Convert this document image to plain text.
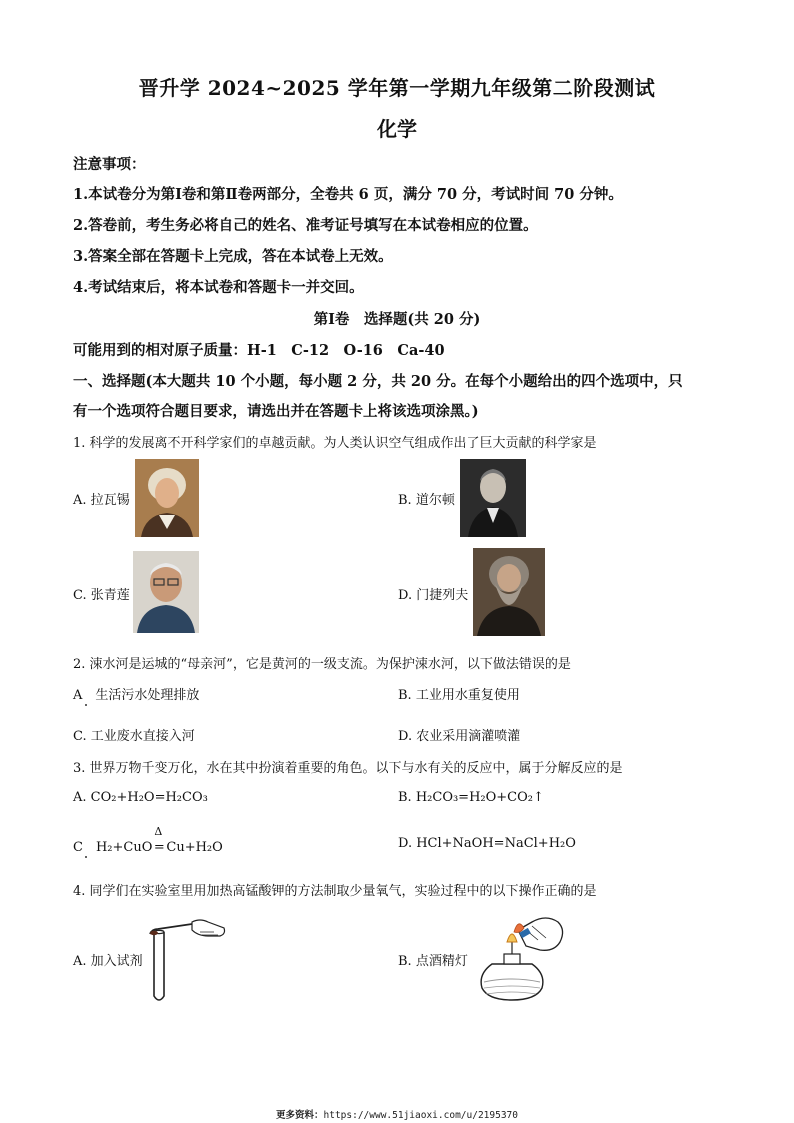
晋升学 2024~2025 学年第一学期九年级第二阶段测试
化学
注意事项：
1.本试卷分为第Ⅰ卷和第Ⅱ卷两部分，全卷共 6 页，满分 70 分，考试时间 70 分钟。
2.答卷前，考生务必将自己的姓名、准考证号填写在本试卷相应的位置。
3.答案全部在答题卡上完成，答在本试卷上无效。
4.考试结束后，将本试卷和答题卡一并交回。
第Ⅰ卷　选择题(共 20 分)
可能用到的相对原子质量：H-1　C-12　O-16　Ca-40
一、选择题(本大题共 10 个小题，每小题 2 分，共 20 分。在每个小题给出的四个选项中，只
有一个选项符合题目要求，请选出并在答题卡上将该选项涂黑。)
1. 科学的发展离不开科学家们的卓越贡献。为人类认识空气组成作出了巨大贡献的科学家是
A. 拉瓦锡	B. 道尔顿
C. 张青莲	D. 门捷列夫
2. 涑水河是运城的“母亲河”，它是黄河的一级支流。为保护涑水河，以下做法错误的是
A　生活污水处理排放	B. 工业用水重复使用
C. 工业废水直接入河	D. 农业采用滴灌喷灌
3. 世界万物千变万化，水在其中扮演着重要的角色。以下与水有关的反应中，属于分解反应的是
A. CO₂+H₂O=H₂CO₃	B. H₂CO₃=H₂O+CO₂↑
C　H₂+CuO
Δ
= Cu+H₂O	D. HCl+NaOH=NaCl+H₂O
4. 同学们在实验室里用加热高锰酸钾的方法制取少量氧气，实验过程中的以下操作正确的是
A. 加入试剂	B. 点酒精灯
更多资料：https://www.51jiaoxi.com/u/2195370
